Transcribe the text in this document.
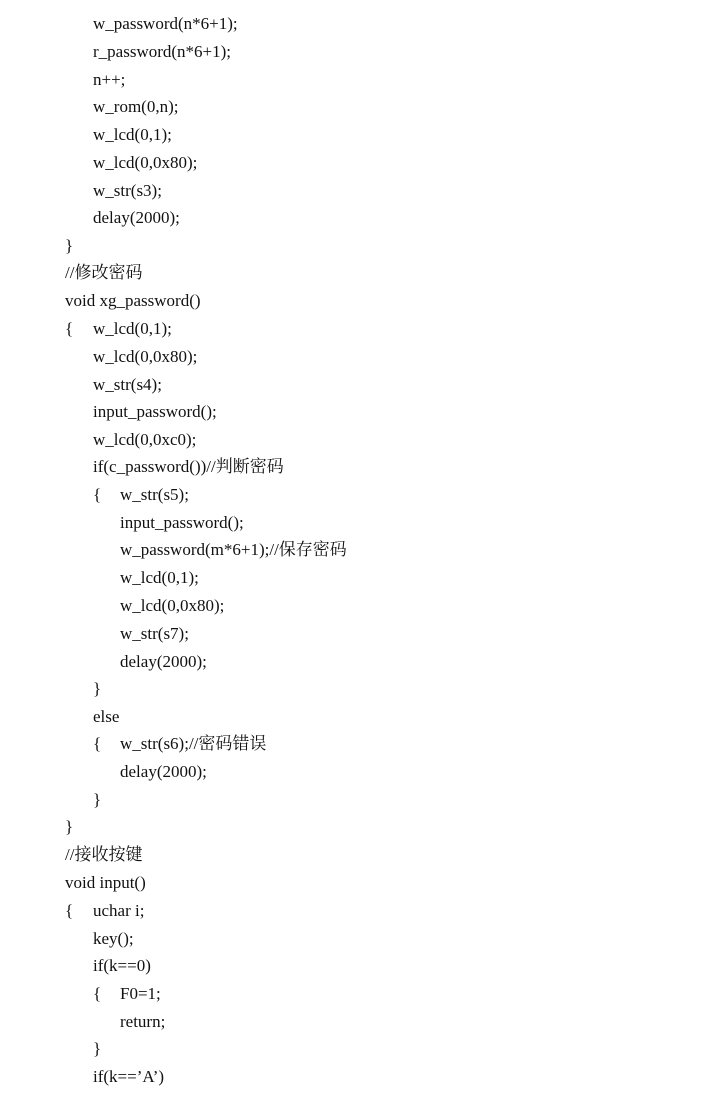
w_password(n*6+1);
r_password(n*6+1);
n++;
w_rom(0,n);
w_lcd(0,1);
w_lcd(0,0x80);
w_str(s3);
delay(2000);
}
//修改密码
void xg_password()
{ w_lcd(0,1);
w_lcd(0,0x80);
w_str(s4);
input_password();
w_lcd(0,0xc0);
if(c_password())//判断密码
{ w_str(s5);
input_password();
w_password(m*6+1);//保存密码
w_lcd(0,1);
w_lcd(0,0x80);
w_str(s7);
delay(2000);
}
else
{ w_str(s6);//密码错误
delay(2000);
}
}
//接收按键
void input()
{ uchar i;
key();
if(k==0)
{ F0=1;
return;
}
if(k==’A’)
